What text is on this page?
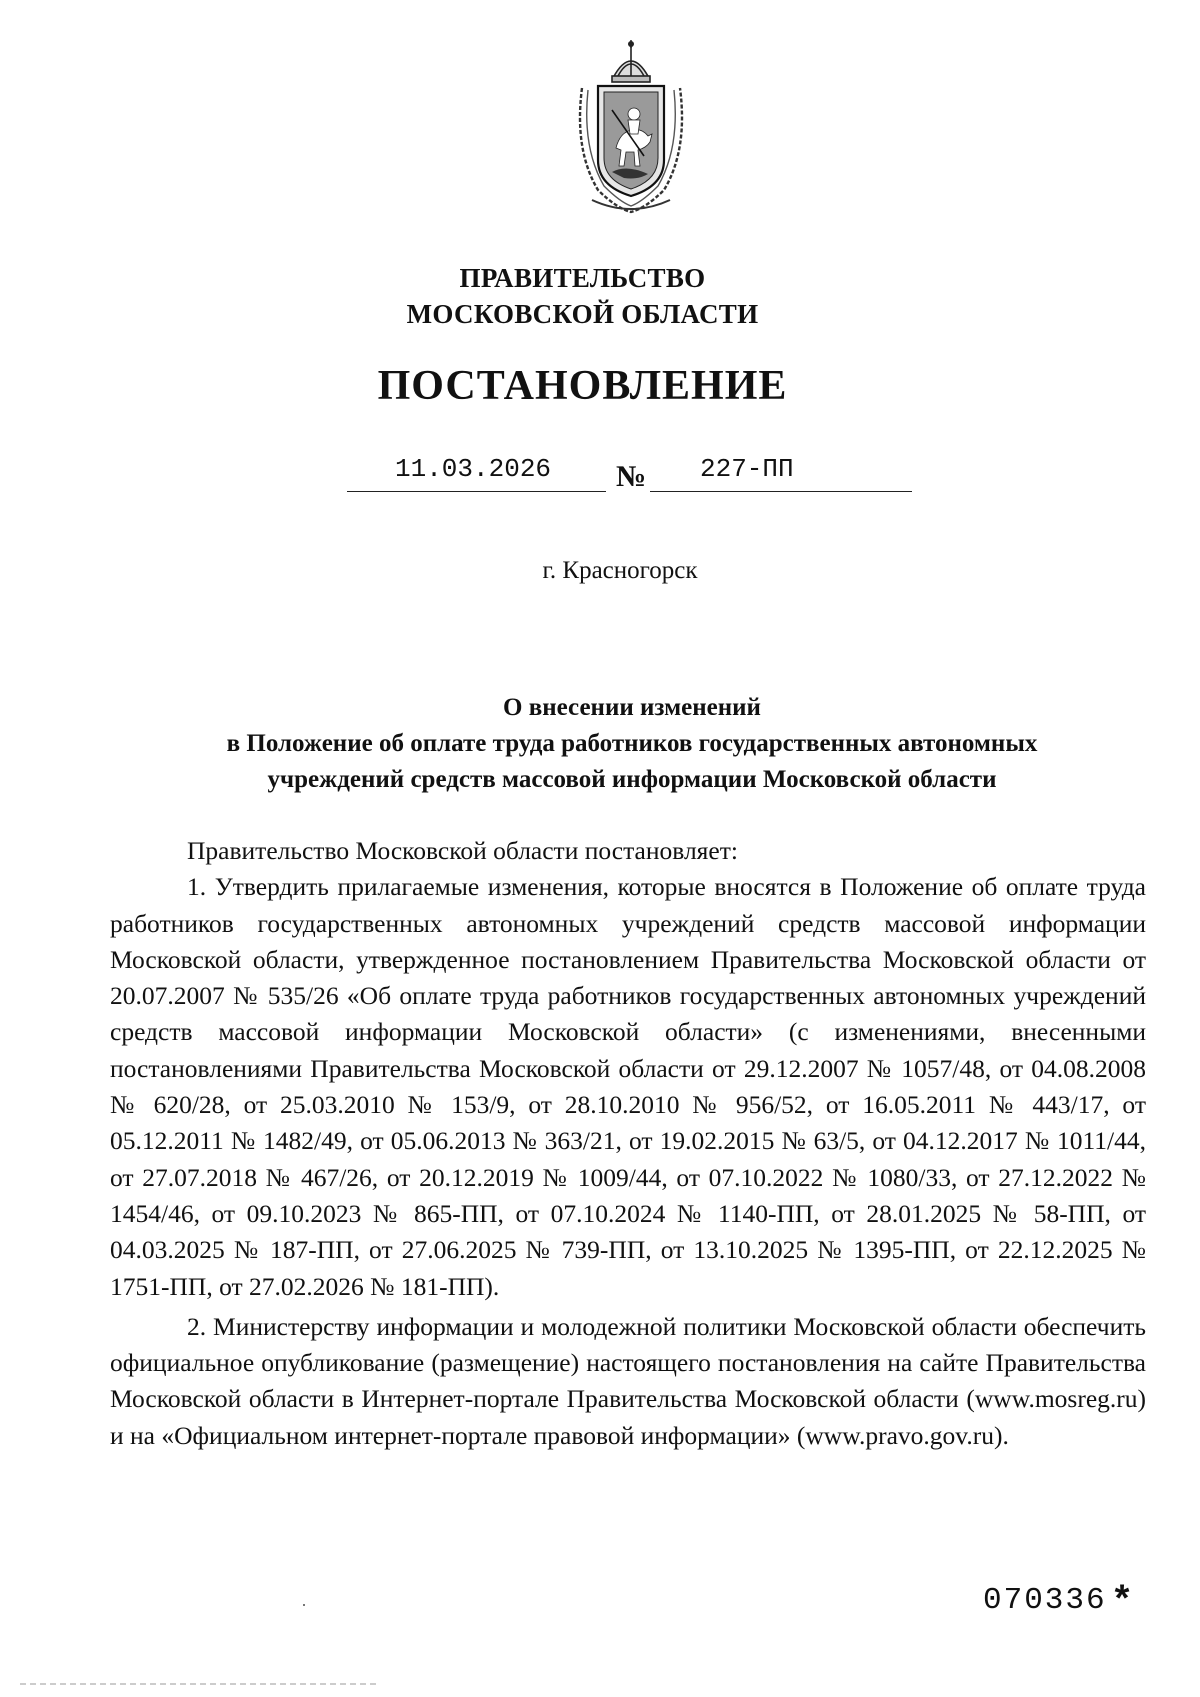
ПРАВИТЕЛЬСТВО
МОСКОВСКОЙ ОБЛАСТИ
ПОСТАНОВЛЕНИЕ
11.03.2026 № 227-ПП
г. Красногорск
О внесении изменений
в Положение об оплате труда работников государственных автономных
учреждений средств массовой информации Московской области

Правительство Московской области постановляет:

1. Утвердить прилагаемые изменения, которые вносятся в Положение об оплате труда работников государственных автономных учреждений средств массовой информации Московской области, утвержденное постановлением Правительства Московской области от 20.07.2007 № 535/26 «Об оплате труда работников государственных автономных учреждений средств массовой информации Московской области» (с изменениями, внесенными постановлениями Правительства Московской области от 29.12.2007 № 1057/48, от 04.08.2008 № 620/28, от 25.03.2010 № 153/9, от 28.10.2010 № 956/52, от 16.05.2011 № 443/17, от 05.12.2011 № 1482/49, от 05.06.2013 № 363/21, от 19.02.2015 № 63/5, от 04.12.2017 № 1011/44, от 27.07.2018 № 467/26, от 20.12.2019 № 1009/44, от 07.10.2022 № 1080/33, от 27.12.2022 № 1454/46, от 09.10.2023 № 865-ПП, от 07.10.2024 № 1140-ПП, от 28.01.2025 № 58-ПП, от 04.03.2025 № 187-ПП, от 27.06.2025 № 739-ПП, от 13.10.2025 № 1395-ПП, от 22.12.2025 № 1751-ПП, от 27.02.2026 № 181-ПП).

2. Министерству информации и молодежной политики Московской области обеспечить официальное опубликование (размещение) настоящего постановления на сайте Правительства Московской области в Интернет-портале Правительства Московской области (www.mosreg.ru) и на «Официальном интернет-портале правовой информации» (www.pravo.gov.ru).

070336 *
